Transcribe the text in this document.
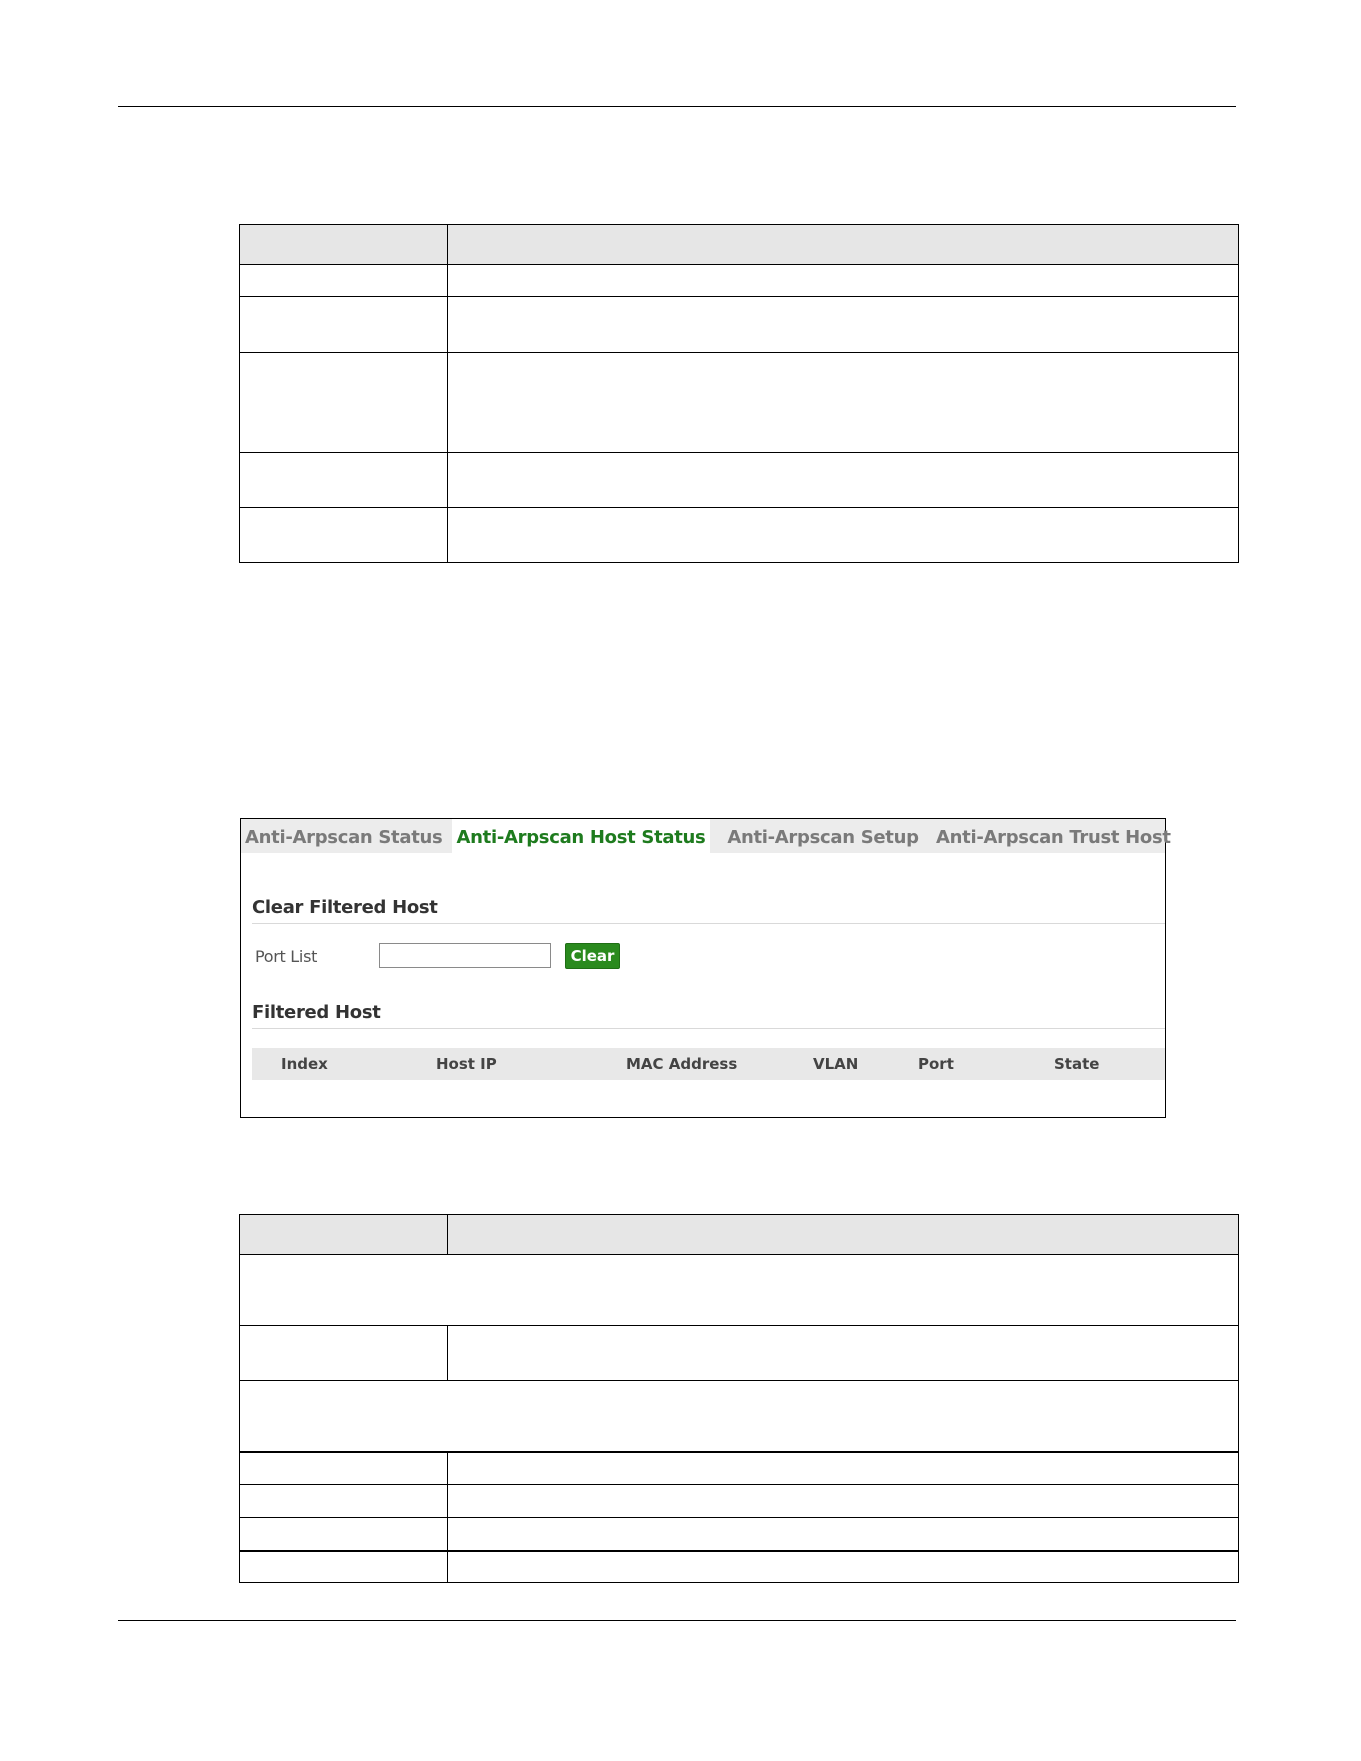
Anti-Arpscan Status Anti-Arpscan Host Status	Anti-Arpscan Setup Anti-Arpscan Trust Host
Clear Filtered Host
Port List	Clear
Filtered Host
Index	Host IP	MAC Address	VLAN	Port	State
